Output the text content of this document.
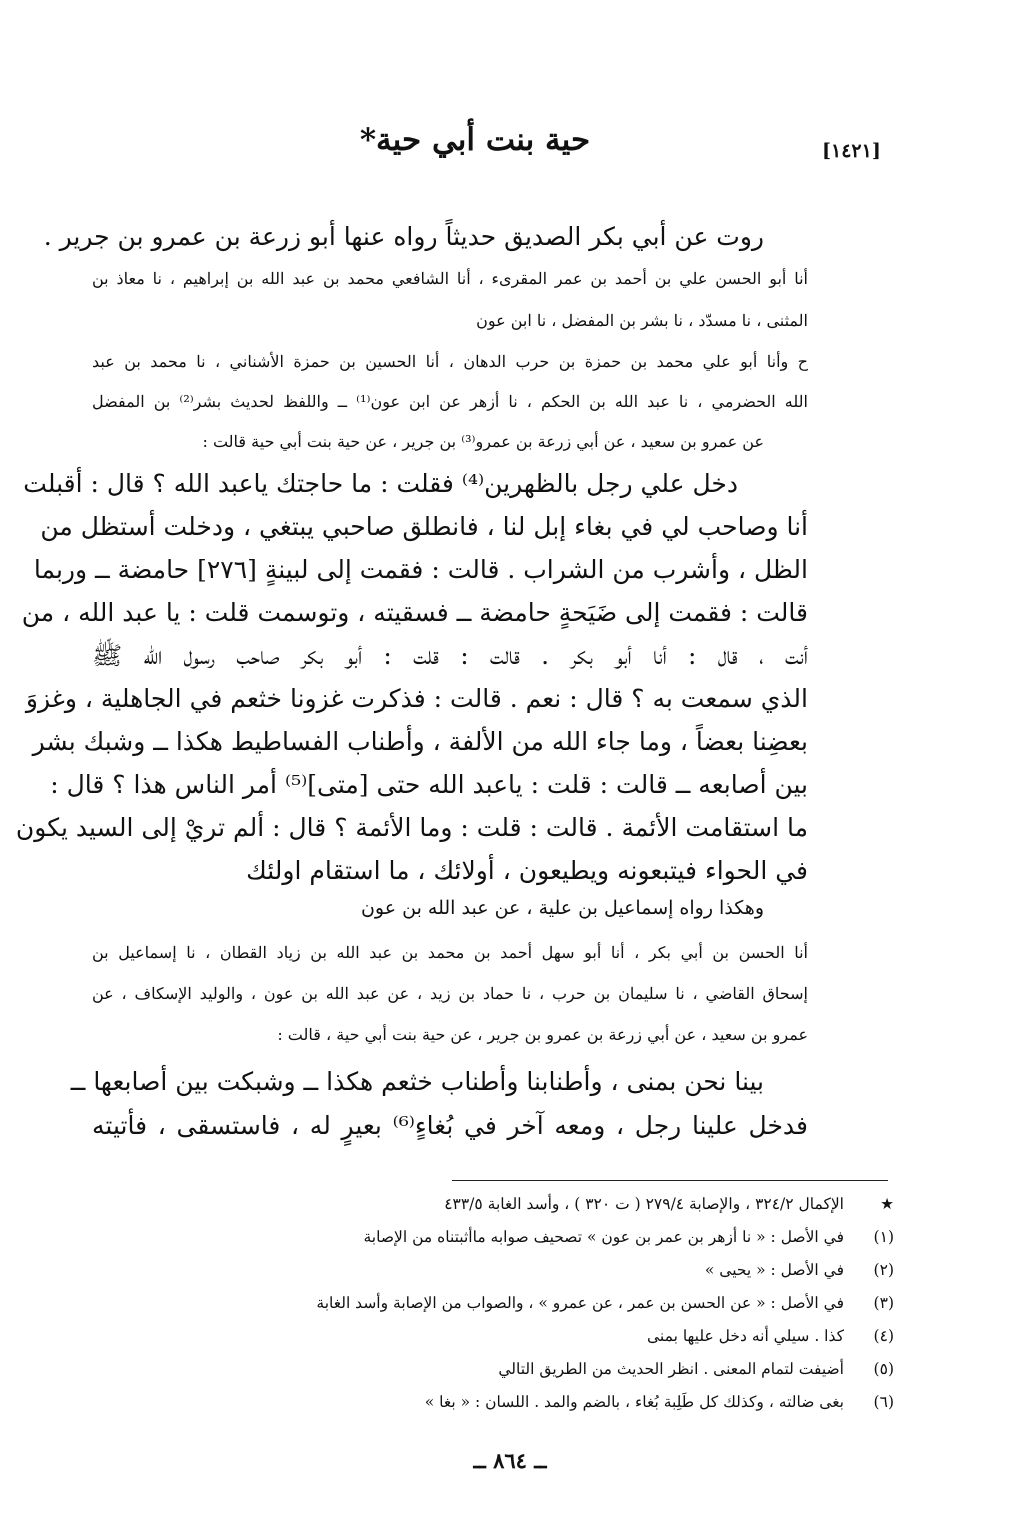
[١٤٢١]
حية بنت أبي حية*
روت عن أبي بكر الصديق حديثاً رواه عنها أبو زرعة بن عمرو بن جرير .
أنا أبو الحسن علي بن أحمد بن عمر المقرىء ، أنا الشافعي محمد بن عبد الله بن إبراهيم ، نا معاذ بن
المثنى ، نا مسدّد ، نا بشر بن المفضل ، نا ابن عون
ح وأنا أبو علي محمد بن حمزة بن حرب الدهان ، أنا الحسين بن حمزة الأشناني ، نا محمد بن عبد
الله الحضرمي ، نا عبد الله بن الحكم ، نا أزهر عن ابن عون⁽¹⁾ ــ واللفظ لحديث بشر⁽²⁾ بن المفضل
عن عمرو بن سعيد ، عن أبي زرعة بن عمرو⁽³⁾ بن جرير ، عن حية بنت أبي حية قالت :
دخل علي رجل بالظهرين⁽⁴⁾ فقلت : ما حاجتك ياعبد الله ؟ قال : أقبلت
أنا وصاحب لي في بغاء إبل لنا ، فانطلق صاحبي يبتغي ، ودخلت أستظل من
الظل ، وأشرب من الشراب . قالت : فقمت إلى لبينةٍ [٢٧٦] حامضة ــ وربما
قالت : فقمت إلى ضَيَحةٍ حامضة ــ فسقيته ، وتوسمت قلت : يا عبد الله ، من
أنت ، قال : أنا أبو بكر . قالت : قلت : أبو بكر صاحب رسول الله ﷺ
الذي سمعت به ؟ قال : نعم . قالت : فذكرت غزونا خثعم في الجاهلية ، وغزوَ
بعضِنا بعضاً ، وما جاء الله من الألفة ، وأطناب الفساطيط هكذا ــ وشبك بشر
بين أصابعه ــ قالت : قلت : ياعبد الله حتى [متى]⁽⁵⁾ أمر الناس هذا ؟ قال :
ما استقامت الأئمة . قالت : قلت : وما الأئمة ؟ قال : ألم تريْ إلى السيد يكون
في الحواء فيتبعونه ويطيعون ، أولائك ، ما استقام اولئك
وهكذا رواه إسماعيل بن علية ، عن عبد الله بن عون
أنا الحسن بن أبي بكر ، أنا أبو سهل أحمد بن محمد بن عبد الله بن زياد القطان ، نا إسماعيل بن
إسحاق القاضي ، نا سليمان بن حرب ، نا حماد بن زيد ، عن عبد الله بن عون ، والوليد الإسكاف ، عن
عمرو بن سعيد ، عن أبي زرعة بن عمرو بن جرير ، عن حية بنت أبي حية ، قالت :
بينا نحن بمنى ، وأطنابنا وأطناب خثعم هكذا ــ وشبكت بين أصابعها ــ
فدخل علينا رجل ، ومعه آخر في بُغاءٍ⁽⁶⁾ بعيرٍ له ، فاستسقى ، فأتيته
★
الإكمال ٣٢٤/٢ ، والإصابة ٢٧٩/٤ ( ت ٣٢٠ ) ، وأسد الغابة ٤٣٣/٥
(١)
في الأصل : « نا أزهر بن عمر بن عون » تصحيف صوابه ماأثبتناه من الإصابة
(٢)
في الأصل : « يحيى »
(٣)
في الأصل : « عن الحسن بن عمر ، عن عمرو » ، والصواب من الإصابة وأسد الغابة
(٤)
كذا . سيلي أنه دخل عليها بمنى
(٥)
أضيفت لتمام المعنى . انظر الحديث من الطريق التالي
(٦)
بغى ضالته ، وكذلك كل طَلِبة بُغاء ، بالضم والمد . اللسان : « بغا »
ــ ٨٦٤ ــ
